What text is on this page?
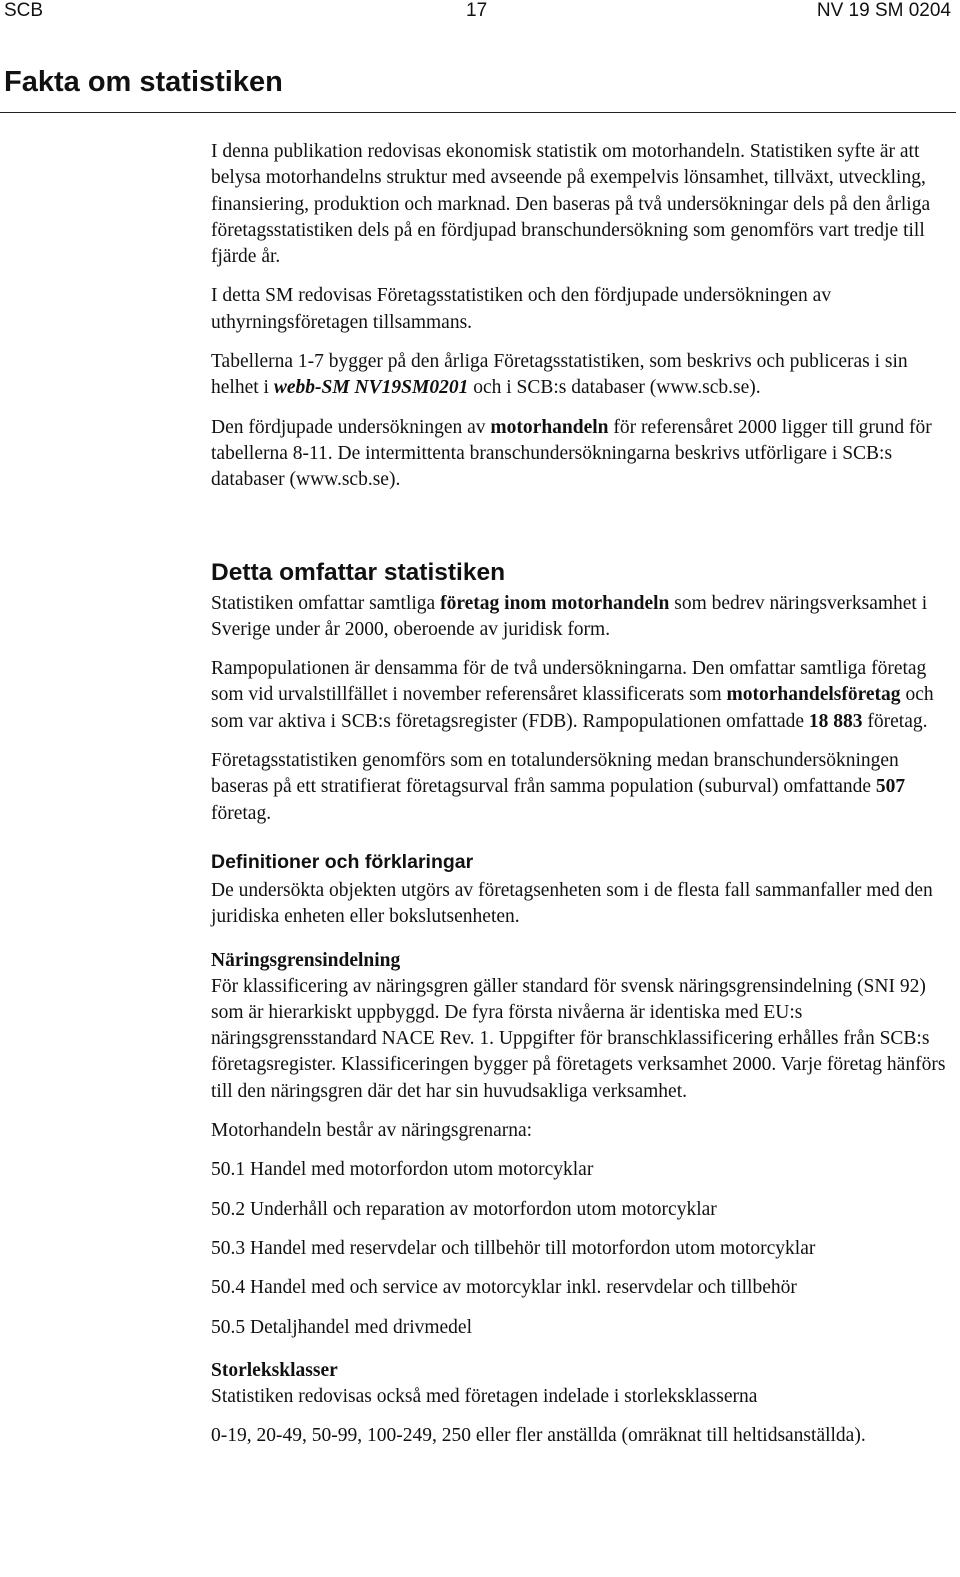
SCB	17	NV 19 SM 0204
Fakta om statistiken

I denna publikation redovisas ekonomisk statistik om motorhandeln. Statistiken syfte är att belysa motorhandelns struktur med avseende på exempelvis lönsamhet, tillväxt, utveckling, finansiering, produktion och marknad. Den baseras på två undersökningar dels på den årliga företagsstatistiken dels på en fördjupad branschundersökning som genomförs vart tredje till fjärde år.

I detta SM redovisas Företagsstatistiken och den fördjupade undersökningen av uthyrningsföretagen tillsammans.

Tabellerna 1-7 bygger på den årliga Företagsstatistiken, som beskrivs och publiceras i sin helhet i webb-SM NV19SM0201 och i SCB:s databaser (www.scb.se).

Den fördjupade undersökningen av motorhandeln för referensåret 2000 ligger till grund för tabellerna 8-11. De intermittenta branschundersökningarna beskrivs utförligare i SCB:s databaser (www.scb.se).

Detta omfattar statistiken

Statistiken omfattar samtliga företag inom motorhandeln som bedrev näringsverksamhet i Sverige under år 2000, oberoende av juridisk form.

Rampopulationen är densamma för de två undersökningarna. Den omfattar samtliga företag som vid urvalstillfället i november referensåret klassificerats som motorhandelsföretag och som var aktiva i SCB:s företagsregister (FDB). Rampopulationen omfattade 18 883 företag.

Företagsstatistiken genomförs som en totalundersökning medan branschundersökningen baseras på ett stratifierat företagsurval från samma population (suburval) omfattande 507 företag.

Definitioner och förklaringar

De undersökta objekten utgörs av företagsenheten som i de flesta fall sammanfaller med den juridiska enheten eller bokslutsenheten.

Näringsgrensindelning

För klassificering av näringsgren gäller standard för svensk näringsgrensindelning (SNI 92) som är hierarkiskt uppbyggd. De fyra första nivåerna är identiska med EU:s näringsgrensstandard NACE Rev. 1. Uppgifter för branschklassificering erhålles från SCB:s företagsregister. Klassificeringen bygger på företagets verksamhet 2000. Varje företag hänförs till den näringsgren där det har sin huvudsakliga verksamhet.

Motorhandeln består av näringsgrenarna:

50.1 Handel med motorfordon utom motorcyklar

50.2 Underhåll och reparation av motorfordon utom motorcyklar

50.3 Handel med reservdelar och tillbehör till motorfordon utom motorcyklar

50.4 Handel med och service av motorcyklar inkl. reservdelar och tillbehör

50.5 Detaljhandel med drivmedel

Storleksklasser

Statistiken redovisas också med företagen indelade i storleksklasserna

0-19, 20-49, 50-99, 100-249, 250 eller fler anställda (omräknat till heltidsanställda).
